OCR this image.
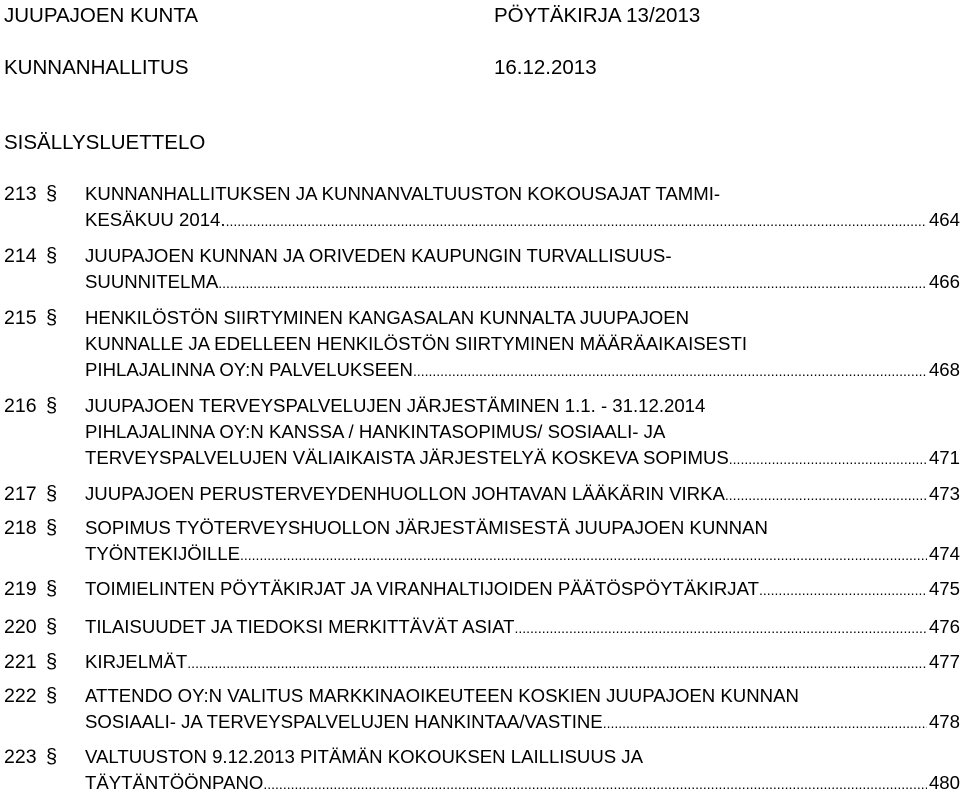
JUUPAJOEN KUNTA	PÖYTÄKIRJA 13/2013
KUNNANHALLITUS	16.12.2013
SISÄLLYSLUETTELO
213 § KUNNANHALLITUKSEN JA KUNNANVALTUUSTON KOKOUSAJAT TAMMI-
KESÄKUU 2014. .....	464
214 § JUUPAJOEN KUNNAN JA ORIVEDEN KAUPUNGIN TURVALLISUUS-
SUUNNITELMA .....	466
215 § HENKILÖSTÖN SIIRTYMINEN KANGASALAN KUNNALTA JUUPAJOEN
KUNNALLE JA EDELLEEN HENKILÖSTÖN SIIRTYMINEN MÄÄRÄAIKAISESTI
PIHLAJALINNA OY:N PALVELUKSEEN .....	468
216 § JUUPAJOEN TERVEYSPALVELUJEN JÄRJESTÄMINEN 1.1. - 31.12.2014
PIHLAJALINNA OY:N KANSSA / HANKINTASOPIMUS/ SOSIAALI- JA
TERVEYSPALVELUJEN VÄLIAIKAISTA JÄRJESTELYÄ KOSKEVA SOPIMUS .....	471
217 § JUUPAJOEN PERUSTERVEYDENHUOLLON JOHTAVAN LÄÄKÄRIN VIRKA .....	473
218 § SOPIMUS TYÖTERVEYSHUOLLON JÄRJESTÄMISESTÄ JUUPAJOEN KUNNAN
TYÖNTEKIJÖILLE .....	474
219 § TOIMIELINTEN PÖYTÄKIRJAT JA VIRANHALTIJOIDEN PÄÄTÖSPÖYTÄKIRJAT .....	475
220 § TILAISUUDET JA TIEDOKSI MERKITTÄVÄT ASIAT .....	476
221 § KIRJELMÄT .....	477
222 § ATTENDO OY:N VALITUS MARKKINAOIKEUTEEN KOSKIEN JUUPAJOEN KUNNAN
SOSIAALI- JA TERVEYSPALVELUJEN HANKINTAA/VASTINE .....	478
223 § VALTUUSTON 9.12.2013 PITÄMÄN KOKOUKSEN LAILLISUUS JA
TÄYTÄNTÖÖNPANO .....	480
